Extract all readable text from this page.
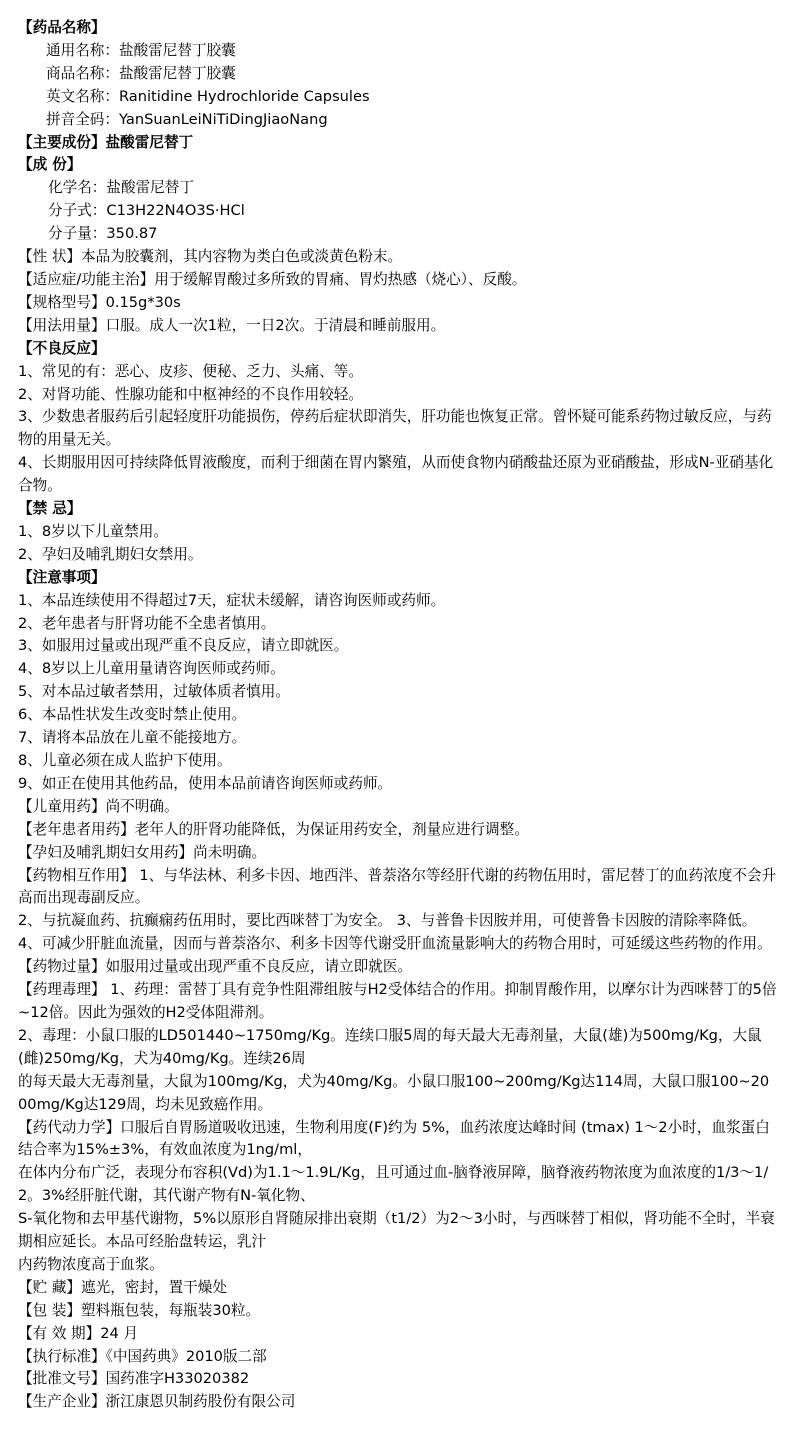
【药品名称】
通用名称：盐酸雷尼替丁胶囊
商品名称：盐酸雷尼替丁胶囊
英文名称：Ranitidine Hydrochloride Capsules
拼音全码：YanSuanLeiNiTiDingJiaoNang
【主要成份】盐酸雷尼替丁
【成 份】
化学名：盐酸雷尼替丁
分子式：C13H22N4O3S·HCl
分子量：350.87
【性 状】本品为胶囊剂，其内容物为类白色或淡黄色粉末。
【适应症/功能主治】用于缓解胃酸过多所致的胃痛、胃灼热感（烧心）、反酸。
【规格型号】0.15g*30s
【用法用量】口服。成人一次1粒，一日2次。于清晨和睡前服用。
【不良反应】
1、常见的有：恶心、皮疹、便秘、乏力、头痛、等。
2、对肾功能、性腺功能和中枢神经的不良作用较轻。
3、少数患者服药后引起轻度肝功能损伤，停药后症状即消失，肝功能也恢复正常。曾怀疑可能系药物过敏反应，与药物的用量无关。
4、长期服用因可持续降低胃液酸度，而利于细菌在胃内繁殖，从而使食物内硝酸盐还原为亚硝酸盐，形成N-亚硝基化合物。
【禁 忌】
1、8岁以下儿童禁用。
2、孕妇及哺乳期妇女禁用。
【注意事项】
1、本品连续使用不得超过7天，症状未缓解，请咨询医师或药师。
2、老年患者与肝肾功能不全患者慎用。
3、如服用过量或出现严重不良反应，请立即就医。
4、8岁以上儿童用量请咨询医师或药师。
5、对本品过敏者禁用，过敏体质者慎用。
6、本品性状发生改变时禁止使用。
7、请将本品放在儿童不能接地方。
8、儿童必须在成人监护下使用。
9、如正在使用其他药品，使用本品前请咨询医师或药师。
【儿童用药】尚不明确。
【老年患者用药】老年人的肝肾功能降低，为保证用药安全，剂量应进行调整。
【孕妇及哺乳期妇女用药】尚未明确。
【药物相互作用】 1、与华法林、利多卡因、地西泮、普萘洛尔等经肝代谢的药物伍用时，雷尼替丁的血药浓度不会升高而出现毒副反应。
2、与抗凝血药、抗癫痫药伍用时，要比西咪替丁为安全。 3、与普鲁卡因胺并用，可使普鲁卡因胺的清除率降低。
4、可减少肝脏血流量，因而与普萘洛尔、利多卡因等代谢受肝血流量影响大的药物合用时，可延缓这些药物的作用。
【药物过量】如服用过量或出现严重不良反应，请立即就医。
【药理毒理】 1、药理：雷替丁具有竞争性阻滞组胺与H2受体结合的作用。抑制胃酸作用，以摩尔计为西咪替丁的5倍~12倍。因此为强效的H2受体阻滞剂。
2、毒理：小鼠口服的LD501440~1750mg/Kg。连续口服5周的每天最大无毒剂量，大鼠(雄)为500mg/Kg，大鼠(雌)250mg/Kg，犬为40mg/Kg。连续26周
的每天最大无毒剂量，大鼠为100mg/Kg，犬为40mg/Kg。小鼠口服100~200mg/Kg达114周，大鼠口服100~2000mg/Kg达129周，均未见致癌作用。
【药代动力学】口服后自胃肠道吸收迅速，生物利用度(F)约为 5%，血药浓度达峰时间 (tmax) 1～2小时，血浆蛋白结合率为15%±3%，有效血浓度为1ng/ml，
在体内分布广泛，表现分布容积(Vd)为1.1～1.9L/Kg，且可通过血-脑脊液屏障，脑脊液药物浓度为血浓度的1/3～1/2。3%经肝脏代谢，其代谢产物有N-氧化物、
S-氧化物和去甲基代谢物，5%以原形自肾随尿排出衰期（t1/2）为2～3小时，与西咪替丁相似，肾功能不全时，半衰期相应延长。本品可经胎盘转运，乳汁
内药物浓度高于血浆。
【贮 藏】遮光，密封，置干燥处
【包 装】塑料瓶包装，每瓶装30粒。
【有 效 期】24 月
【执行标准】《中国药典》2010版二部
【批准文号】国药准字H33020382
【生产企业】浙江康恩贝制药股份有限公司
